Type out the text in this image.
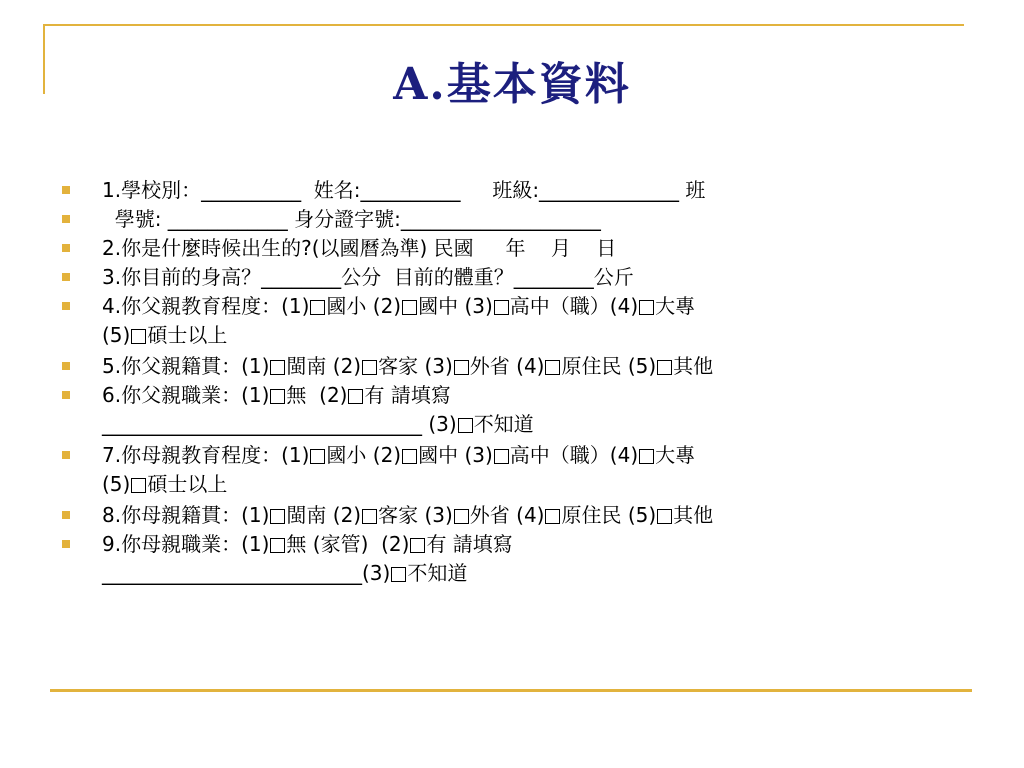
A.基本資料
1.學校別：__________  姓名:__________     班級:______________ 班
學號: ____________ 身分證字號:____________________
2.你是什麼時候出生的?(以國曆為準) 民國     年    月    日
3.你目前的身高？________公分  目前的體重？________公斤
4.你父親教育程度：(1) 國小 (2) 國中 (3) 高中（職）(4) 大專
(5) 碩士以上
5.你父親籍貫：(1) 閩南 (2) 客家 (3) 外省 (4) 原住民 (5) 其他
6.你父親職業：(1) 無  (2) 有 請填寫
________________________________ (3) 不知道
7.你母親教育程度：(1) 國小 (2) 國中 (3) 高中（職）(4) 大專
(5) 碩士以上
8.你母親籍貫：(1) 閩南 (2) 客家 (3) 外省 (4) 原住民 (5) 其他
9.你母親職業：(1) 無 (家管)  (2) 有 請填寫
__________________________(3) 不知道
